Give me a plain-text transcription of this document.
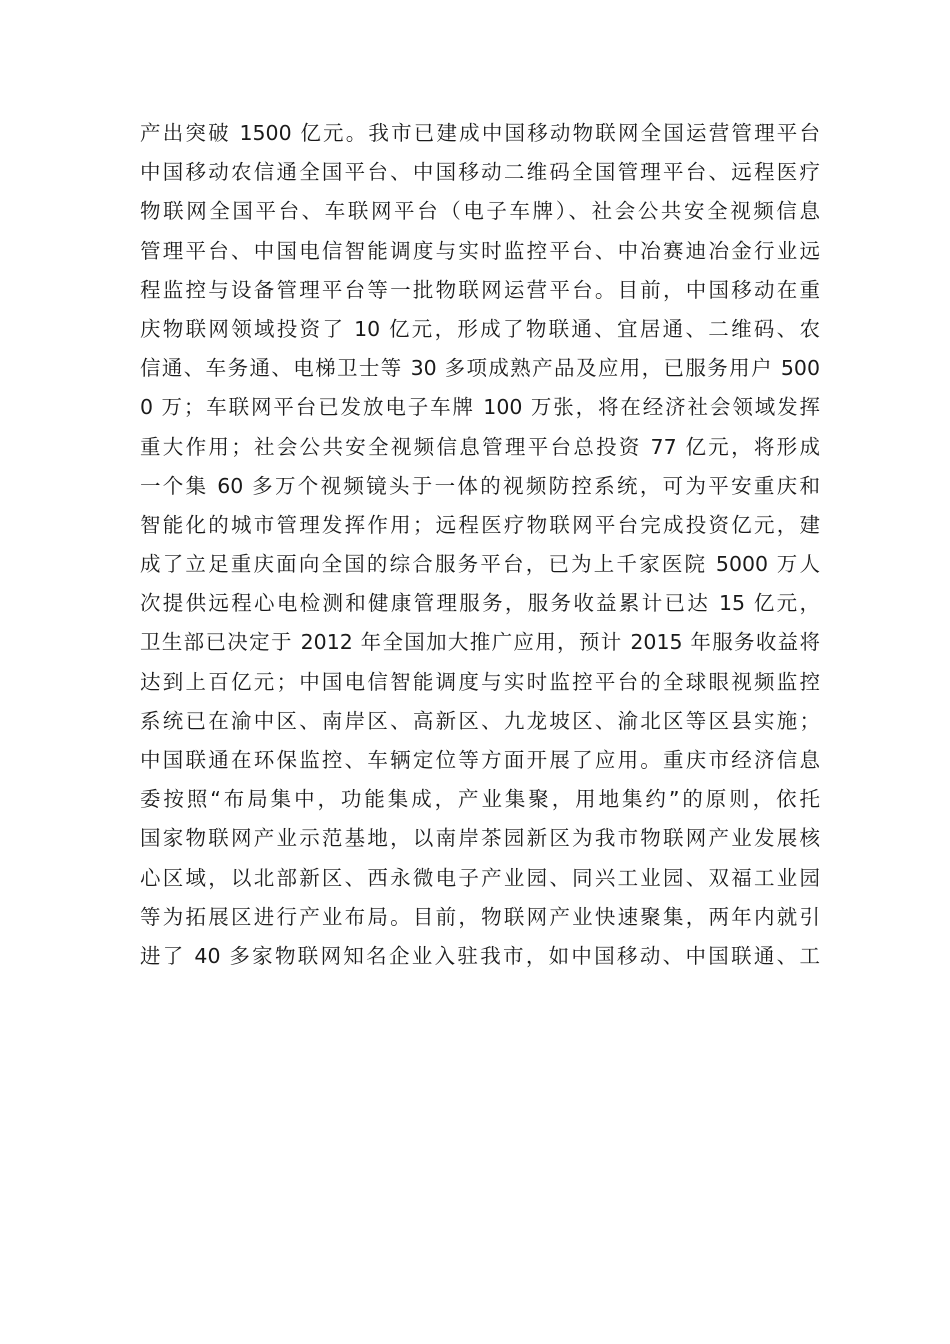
产出突破 1500 亿元。我市已建成中国移动物联网全国运营管理平台
中国移动农信通全国平台、中国移动二维码全国管理平台、远程医疗
物联网全国平台、车联网平台（电子车牌）、社会公共安全视频信息
管理平台、中国电信智能调度与实时监控平台、中冶赛迪冶金行业远
程监控与设备管理平台等一批物联网运营平台。目前，中国移动在重
庆物联网领域投资了 10 亿元，形成了物联通、宜居通、二维码、农
信通、车务通、电梯卫士等 30 多项成熟产品及应用，已服务用户 500
0 万；车联网平台已发放电子车牌 100 万张，将在经济社会领域发挥
重大作用；社会公共安全视频信息管理平台总投资 77 亿元，将形成
一个集 60 多万个视频镜头于一体的视频防控系统，可为平安重庆和
智能化的城市管理发挥作用；远程医疗物联网平台完成投资亿元，建
成了立足重庆面向全国的综合服务平台，已为上千家医院 5000 万人
次提供远程心电检测和健康管理服务，服务收益累计已达 15 亿元，
卫生部已决定于 2012 年全国加大推广应用，预计 2015 年服务收益将
达到上百亿元；中国电信智能调度与实时监控平台的全球眼视频监控
系统已在渝中区、南岸区、高新区、九龙坡区、渝北区等区县实施；
中国联通在环保监控、车辆定位等方面开展了应用。重庆市经济信息
委按照“布局集中，功能集成，产业集聚，用地集约”的原则，依托
国家物联网产业示范基地，以南岸茶园新区为我市物联网产业发展核
心区域，以北部新区、西永微电子产业园、同兴工业园、双福工业园
等为拓展区进行产业布局。目前，物联网产业快速聚集，两年内就引
进了 40 多家物联网知名企业入驻我市，如中国移动、中国联通、工
